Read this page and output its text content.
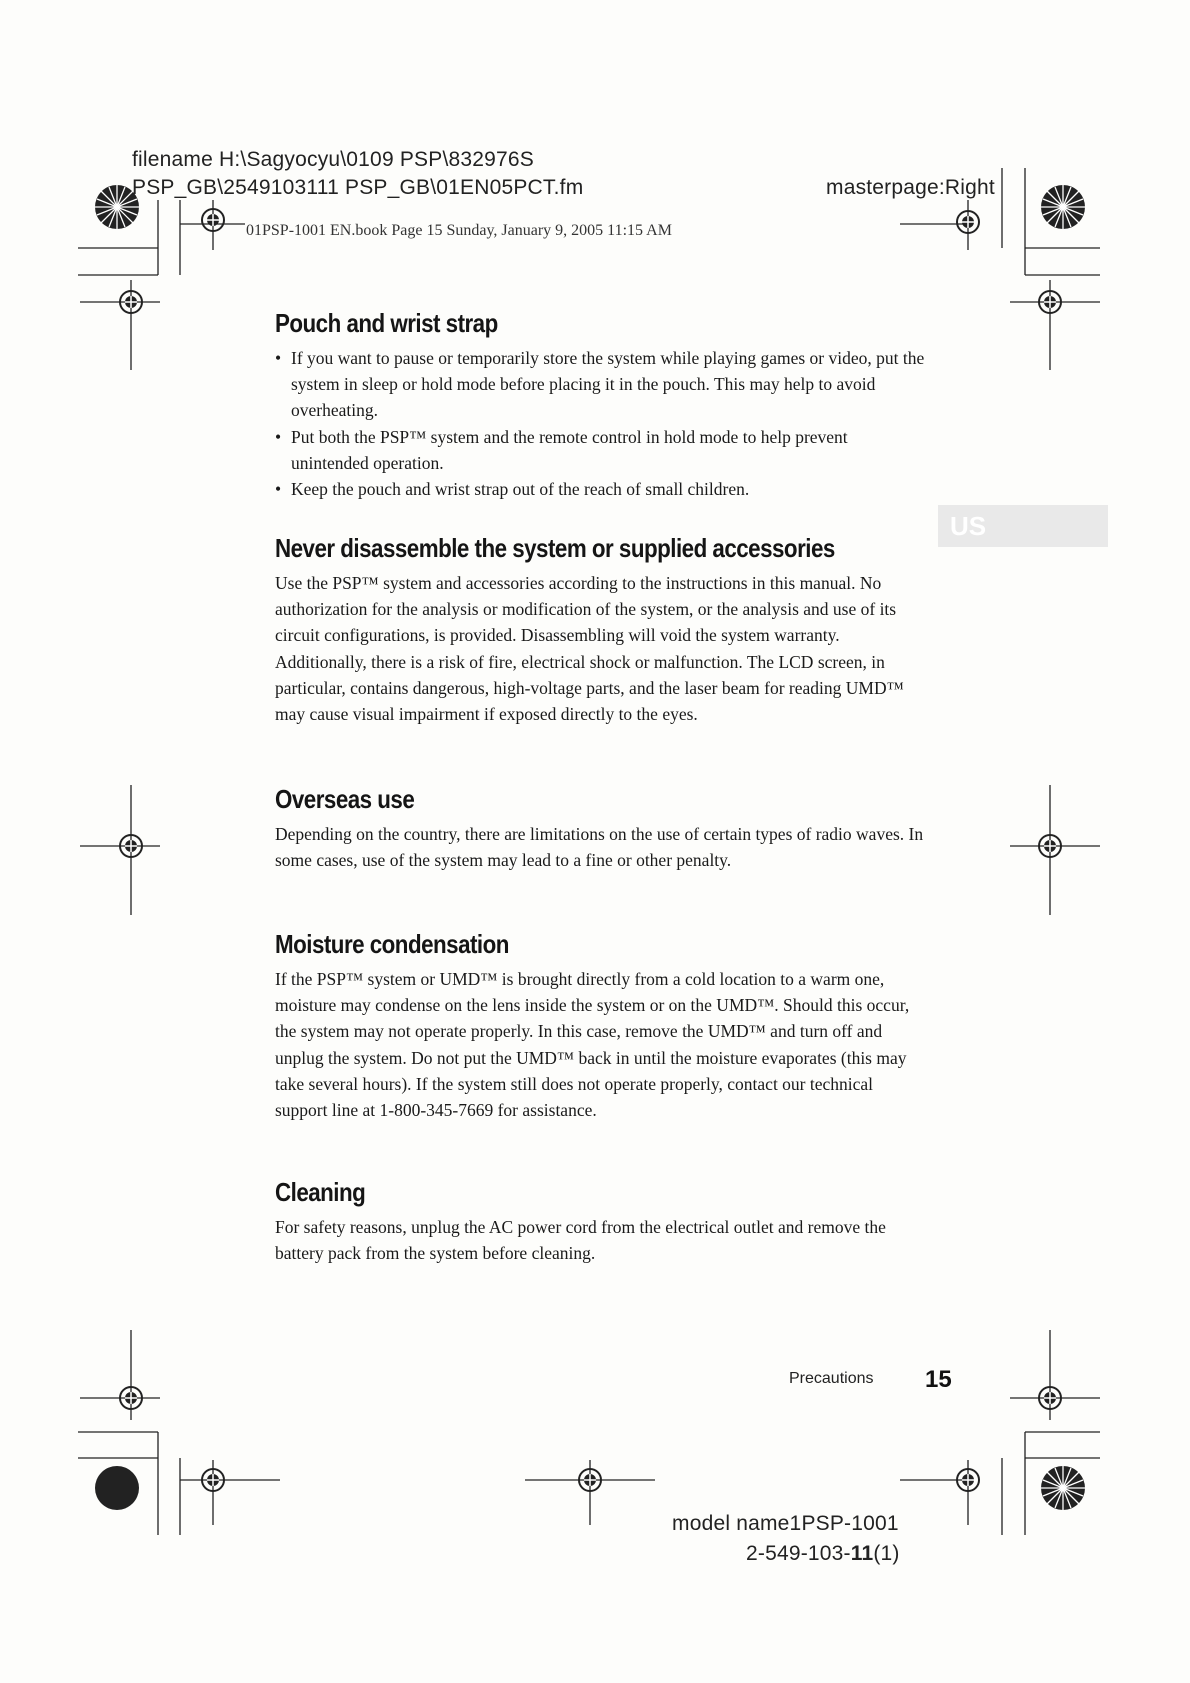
filename H:\Sagyocyu\0109 PSP\832976S
PSP_GB\2549103111 PSP_GB\01EN05PCT.fm	masterpage:Right
01PSP-1001 EN.book Page 15 Sunday, January 9, 2005 11:15 AM
US
Pouch and wrist strap
• If you want to pause or temporarily store the system while playing games or video, put the system in sleep or hold mode before placing it in the pouch. This may help to avoid overheating.
• Put both the PSP™ system and the remote control in hold mode to help prevent unintended operation.
• Keep the pouch and wrist strap out of the reach of small children.
Never disassemble the system or supplied accessories

Use the PSP™ system and accessories according to the instructions in this manual. No authorization for the analysis or modification of the system, or the analysis and use of its circuit configurations, is provided. Disassembling will void the system warranty. Additionally, there is a risk of fire, electrical shock or malfunction. The LCD screen, in particular, contains dangerous, high-voltage parts, and the laser beam for reading UMD™ may cause visual impairment if exposed directly to the eyes.

Overseas use

Depending on the country, there are limitations on the use of certain types of radio waves. In some cases, use of the system may lead to a fine or other penalty.

Moisture condensation

If the PSP™ system or UMD™ is brought directly from a cold location to a warm one, moisture may condense on the lens inside the system or on the UMD™. Should this occur, the system may not operate properly. In this case, remove the UMD™ and turn off and unplug the system. Do not put the UMD™ back in until the moisture evaporates (this may take several hours). If the system still does not operate properly, contact our technical support line at 1-800-345-7669 for assistance.

Cleaning

For safety reasons, unplug the AC power cord from the electrical outlet and remove the battery pack from the system before cleaning.

Precautions 15
model name1PSP-1001
2-549-103-11(1)
